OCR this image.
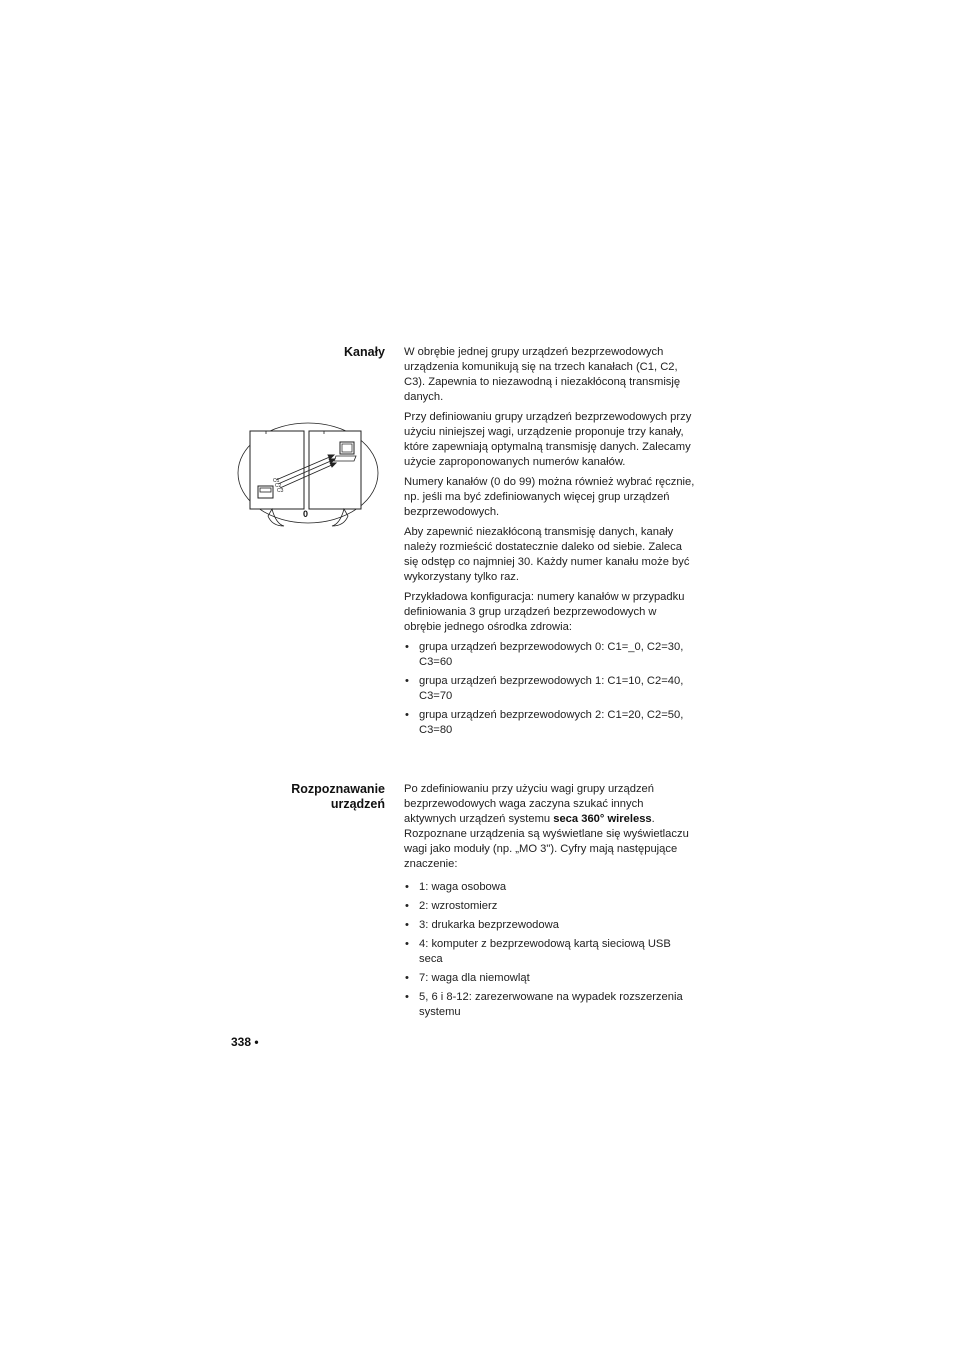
Kanały W obrębie jednej grupy urządzeń bezprzewodowych urządzenia komunikują się na trzech kanałach (C1, C2, C3). Zapewnia to niezawodną i niezakłóconą transmisję danych.

Przy definiowaniu grupy urządzeń bezprzewodowych przy użyciu niniejszej wagi, urządzenie proponuje trzy kanały, które zapewniają optymalną transmisję danych. Zalecamy użycie zaproponowanych numerów kanałów.

Numery kanałów (0 do 99) można również wybrać ręcznie, np. jeśli ma być zdefiniowanych więcej grup urządzeń bezprzewodowych.

Aby zapewnić niezakłóconą transmisję danych, kanały należy rozmieścić dostatecznie daleko od siebie. Zaleca się odstęp co najmniej 30. Każdy numer kanału może być wykorzystany tylko raz.

Przykładowa konfiguracja: numery kanałów w przypadku definiowania 3 grup urządzeń bezprzewodowych w obrębie jednego ośrodka zdrowia:

• grupa urządzeń bezprzewodowych 0: C1=_0, C2=30, C3=60
• grupa urządzeń bezprzewodowych 1: C1=10, C2=40, C3=70
• grupa urządzeń bezprzewodowych 2: C1=20, C2=50, C3=80
C1
C2
C3
0
Rozpoznawanie
urządzeń

Po zdefiniowaniu przy użyciu wagi grupy urządzeń bezprzewodowych waga zaczyna szukać innych aktywnych urządzeń systemu seca 360° wireless. Rozpoznane urządzenia są wyświetlane się wyświetlaczu wagi jako moduły (np. „MO 3"). Cyfry mają następujące znaczenie:

• 1: waga osobowa
• 2: wzrostomierz
• 3: drukarka bezprzewodowa
• 4: komputer z bezprzewodową kartą sieciową USB seca
• 7: waga dla niemowląt
• 5, 6 i 8-12: zarezerwowane na wypadek rozszerzenia systemu
338 •
